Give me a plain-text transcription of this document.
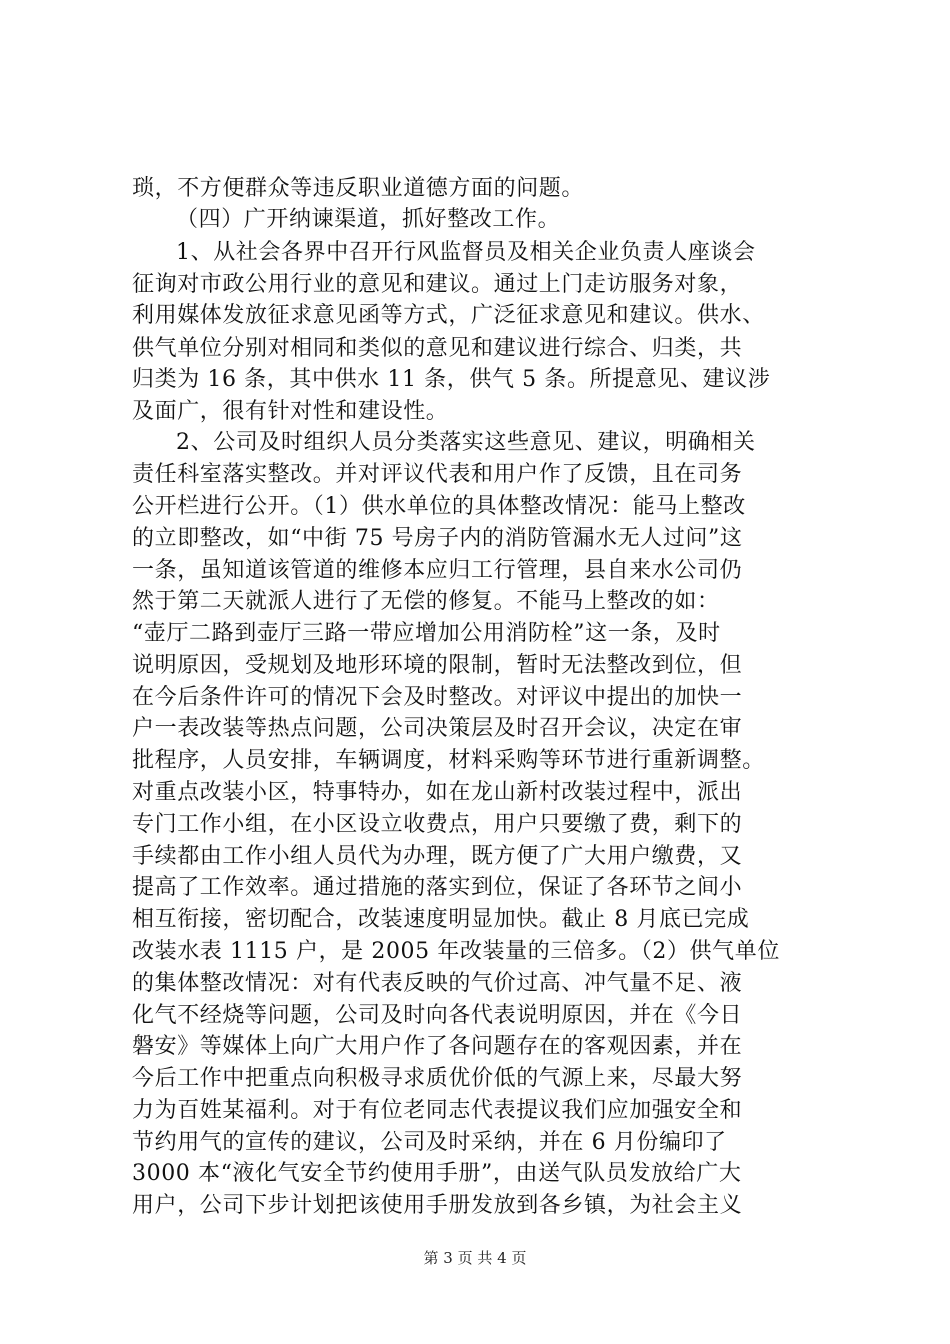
琐，不方便群众等违反职业道德方面的问题。
（四）广开纳谏渠道，抓好整改工作。
1、从社会各界中召开行风监督员及相关企业负责人座谈会
征询对市政公用行业的意见和建议。通过上门走访服务对象，
利用媒体发放征求意见函等方式，广泛征求意见和建议。供水、
供气单位分别对相同和类似的意见和建议进行综合、归类，共
归类为 16 条，其中供水 11 条，供气 5 条。所提意见、建议涉
及面广，很有针对性和建设性。
2、公司及时组织人员分类落实这些意见、建议，明确相关
责任科室落实整改。并对评议代表和用户作了反馈，且在司务
公开栏进行公开。（1）供水单位的具体整改情况：能马上整改
的立即整改，如“中街 75 号房子内的消防管漏水无人过问”这
一条，虽知道该管道的维修本应归工行管理，县自来水公司仍
然于第二天就派人进行了无偿的修复。不能马上整改的如：
“壶厅二路到壶厅三路一带应增加公用消防栓”这一条，及时
说明原因，受规划及地形环境的限制，暂时无法整改到位，但
在今后条件许可的情况下会及时整改。对评议中提出的加快一
户一表改装等热点问题，公司决策层及时召开会议，决定在审
批程序，人员安排，车辆调度，材料采购等环节进行重新调整。
对重点改装小区，特事特办，如在龙山新村改装过程中，派出
专门工作小组，在小区设立收费点，用户只要缴了费，剩下的
手续都由工作小组人员代为办理，既方便了广大用户缴费，又
提高了工作效率。通过措施的落实到位，保证了各环节之间小
相互衔接，密切配合，改装速度明显加快。截止 8 月底已完成
改装水表 1115 户，是 2005 年改装量的三倍多。（2）供气单位
的集体整改情况：对有代表反映的气价过高、冲气量不足、液
化气不经烧等问题，公司及时向各代表说明原因，并在《今日
磐安》等媒体上向广大用户作了各问题存在的客观因素，并在
今后工作中把重点向积极寻求质优价低的气源上来，尽最大努
力为百姓某福利。对于有位老同志代表提议我们应加强安全和
节约用气的宣传的建议，公司及时采纳，并在 6 月份编印了
3000 本“液化气安全节约使用手册”，由送气队员发放给广大
用户，公司下步计划把该使用手册发放到各乡镇，为社会主义
第 3 页 共 4 页
